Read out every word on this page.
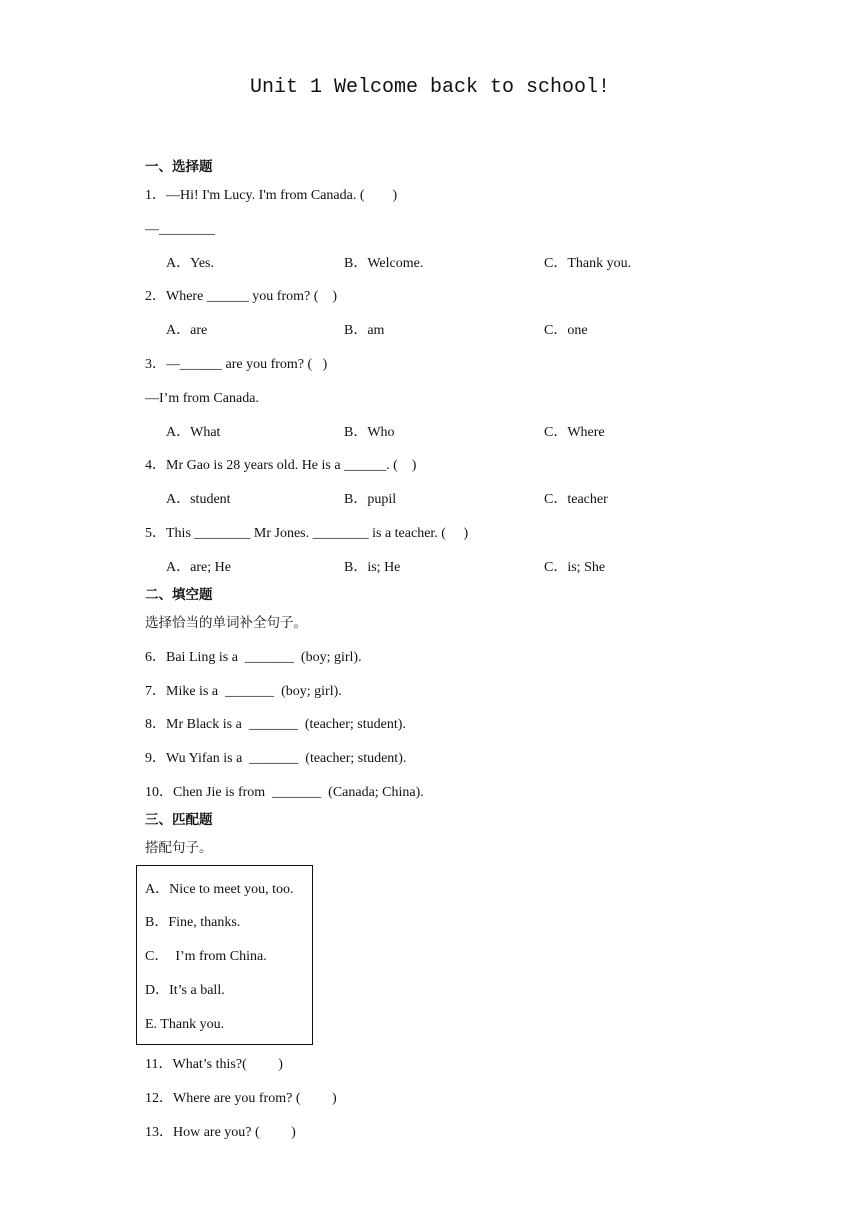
Unit 1 Welcome back to school!
一、选择题
1．—Hi! I'm Lucy. I'm from Canada. (        )
—________
A．Yes.	B．Welcome.	C．Thank you.
2．Where ______ you from? (    )
A．are	B．am	C．one
3．—______ are you from? (   )
—I’m from Canada.
A．What	B．Who	C．Where
4．Mr Gao is 28 years old. He is a ______. (    )
A．student	B．pupil	C．teacher
5．This ________ Mr Jones. ________ is a teacher. (     )
A．are; He	B．is; He	C．is; She
二、填空题
选择恰当的单词补全句子。
6．Bai Ling is a  _______  (boy; girl).
7．Mike is a  _______  (boy; girl).
8．Mr Black is a  _______  (teacher; student).
9．Wu Yifan is a  _______  (teacher; student).
10．Chen Jie is from  _______  (Canada; China).
三、匹配题
搭配句子。
A．Nice to meet you, too.
B．Fine, thanks.
C．  I’m from China.
D．It’s a ball.
E. Thank you.
11．What’s this?(         )
12．Where are you from? (         )
13．How are you? (         )
